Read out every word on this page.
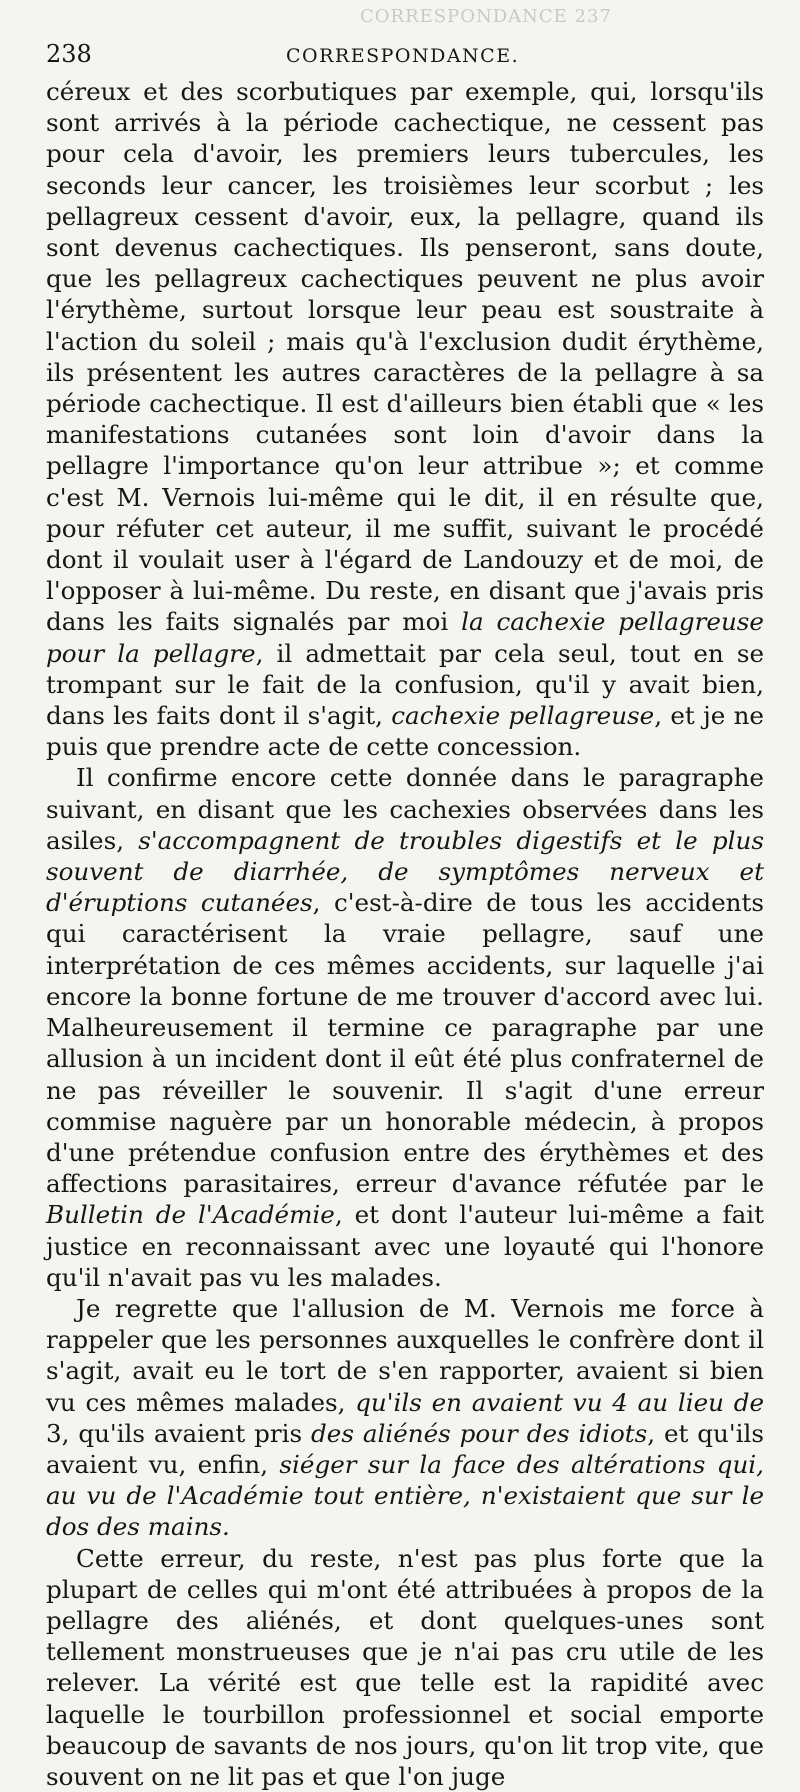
CORRESPONDANCE 237
238	CORRESPONDANCE.

céreux et des scorbutiques par exemple, qui, lorsqu'ils sont arrivés à la période cachectique, ne cessent pas pour cela d'avoir, les premiers leurs tubercules, les seconds leur cancer, les troisièmes leur scorbut ; les pellagreux cessent d'avoir, eux, la pellagre, quand ils sont devenus cachectiques. Ils penseront, sans doute, que les pellagreux cachectiques peuvent ne plus avoir l'érythème, surtout lorsque leur peau est soustraite à l'action du soleil ; mais qu'à l'exclusion dudit érythème, ils présentent les autres caractères de la pellagre à sa période cachectique. Il est d'ailleurs bien établi que « les manifestations cutanées sont loin d'avoir dans la pellagre l'importance qu'on leur attribue »; et comme c'est M. Vernois lui-même qui le dit, il en résulte que, pour réfuter cet auteur, il me suffit, suivant le procédé dont il voulait user à l'égard de Landouzy et de moi, de l'opposer à lui-même. Du reste, en disant que j'avais pris dans les faits signalés par moi la cachexie pellagreuse pour la pellagre, il admettait par cela seul, tout en se trompant sur le fait de la confusion, qu'il y avait bien, dans les faits dont il s'agit, cachexie pellagreuse, et je ne puis que prendre acte de cette concession.

Il confirme encore cette donnée dans le paragraphe suivant, en disant que les cachexies observées dans les asiles, s'accompagnent de troubles digestifs et le plus souvent de diarrhée, de symptômes nerveux et d'éruptions cutanées, c'est-à-dire de tous les accidents qui caractérisent la vraie pellagre, sauf une interprétation de ces mêmes accidents, sur laquelle j'ai encore la bonne fortune de me trouver d'accord avec lui. Malheureusement il termine ce paragraphe par une allusion à un incident dont il eût été plus confraternel de ne pas réveiller le souvenir. Il s'agit d'une erreur commise naguère par un honorable médecin, à propos d'une prétendue confusion entre des érythèmes et des affections parasitaires, erreur d'avance réfutée par le Bulletin de l'Académie, et dont l'auteur lui-même a fait justice en reconnaissant avec une loyauté qui l'honore qu'il n'avait pas vu les malades.

Je regrette que l'allusion de M. Vernois me force à rappeler que les personnes auxquelles le confrère dont il s'agit, avait eu le tort de s'en rapporter, avaient si bien vu ces mêmes malades, qu'ils en avaient vu 4 au lieu de 3, qu'ils avaient pris des aliénés pour des idiots, et qu'ils avaient vu, enfin, siéger sur la face des altérations qui, au vu de l'Académie tout entière, n'existaient que sur le dos des mains.

Cette erreur, du reste, n'est pas plus forte que la plupart de celles qui m'ont été attribuées à propos de la pellagre des aliénés, et dont quelques-unes sont tellement monstrueuses que je n'ai pas cru utile de les relever. La vérité est que telle est la rapidité avec laquelle le tourbillon professionnel et social emporte beaucoup de savants de nos jours, qu'on lit trop vite, que souvent on ne lit pas et que l'on juge
